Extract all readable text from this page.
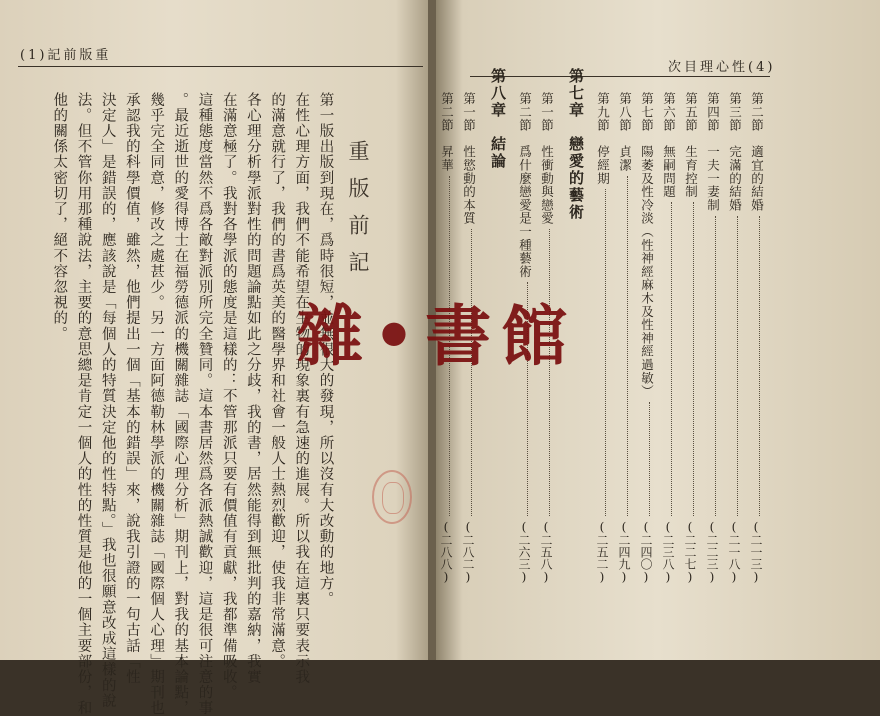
(1)記前版重
次目理心性(4)
重版前記
第一版出版到現在，爲時很短，並無很大的發現，所以沒有大改動的地方。
在性心理方面，我們不能希望在生物的現象裏有急速的進展。所以我在這裏只要表示我
的滿意就行了，我們的書爲英美的醫學界和社會一般人士熱烈歡迎，使我非常滿意。
各心理分析學派對性的問題論點如此之分歧，我的書，居然能得到無批判的嘉納，我實
在滿意極了。我對各學派的態度是這樣的：不管那派只要有價值有貢獻，我都準備吸收。
這種態度當然不爲各敵對派別所完全贊同。這本書居然爲各派熱誠歡迎，這是很可注意的事
。最近逝世的愛得博士在福勞德派的機關雜誌「國際心理分析」期刊上，對我的基本論點，
幾乎完全同意，修改之處甚少。另一方面阿德勒林學派的機關雜誌「國際個人心理」期刊也
承認我的科學價值，雖然，他們提出一個「基本的錯誤」來，說我引證的一句古話「性
決定人」是錯誤的，應該說是「每個人的特質決定他的性特點。」我也很願意改成這樣的說
法。但不管你用那種說法，主要的意思總是肯定一個人的性的性質是他的一個主要部份，和
他的關係太密切了，絕不容忽視的。	第二節　適宜的結婚
(二一三)
第三節　完滿的結婚
(二一八)
第四節　一夫一妻制
(二二三)
第五節　生育控制
(二二七)
第六節　無嗣問題
(二三八)
第七節　陽萎及性冷淡（性神經麻木及性神經過敏）
(二四〇)
第八節　貞潔
(二四九)
第九節　停經期
(二五二)
第七章　戀愛的藝術
第一節　性衝動與戀愛
(二五八)
第二節　爲什麼戀愛是一種藝術
(二六三)
第八章　結論
第一節　性慾動的本質
(二八二)
第二節　昇華
(二八八)
雜•書館
